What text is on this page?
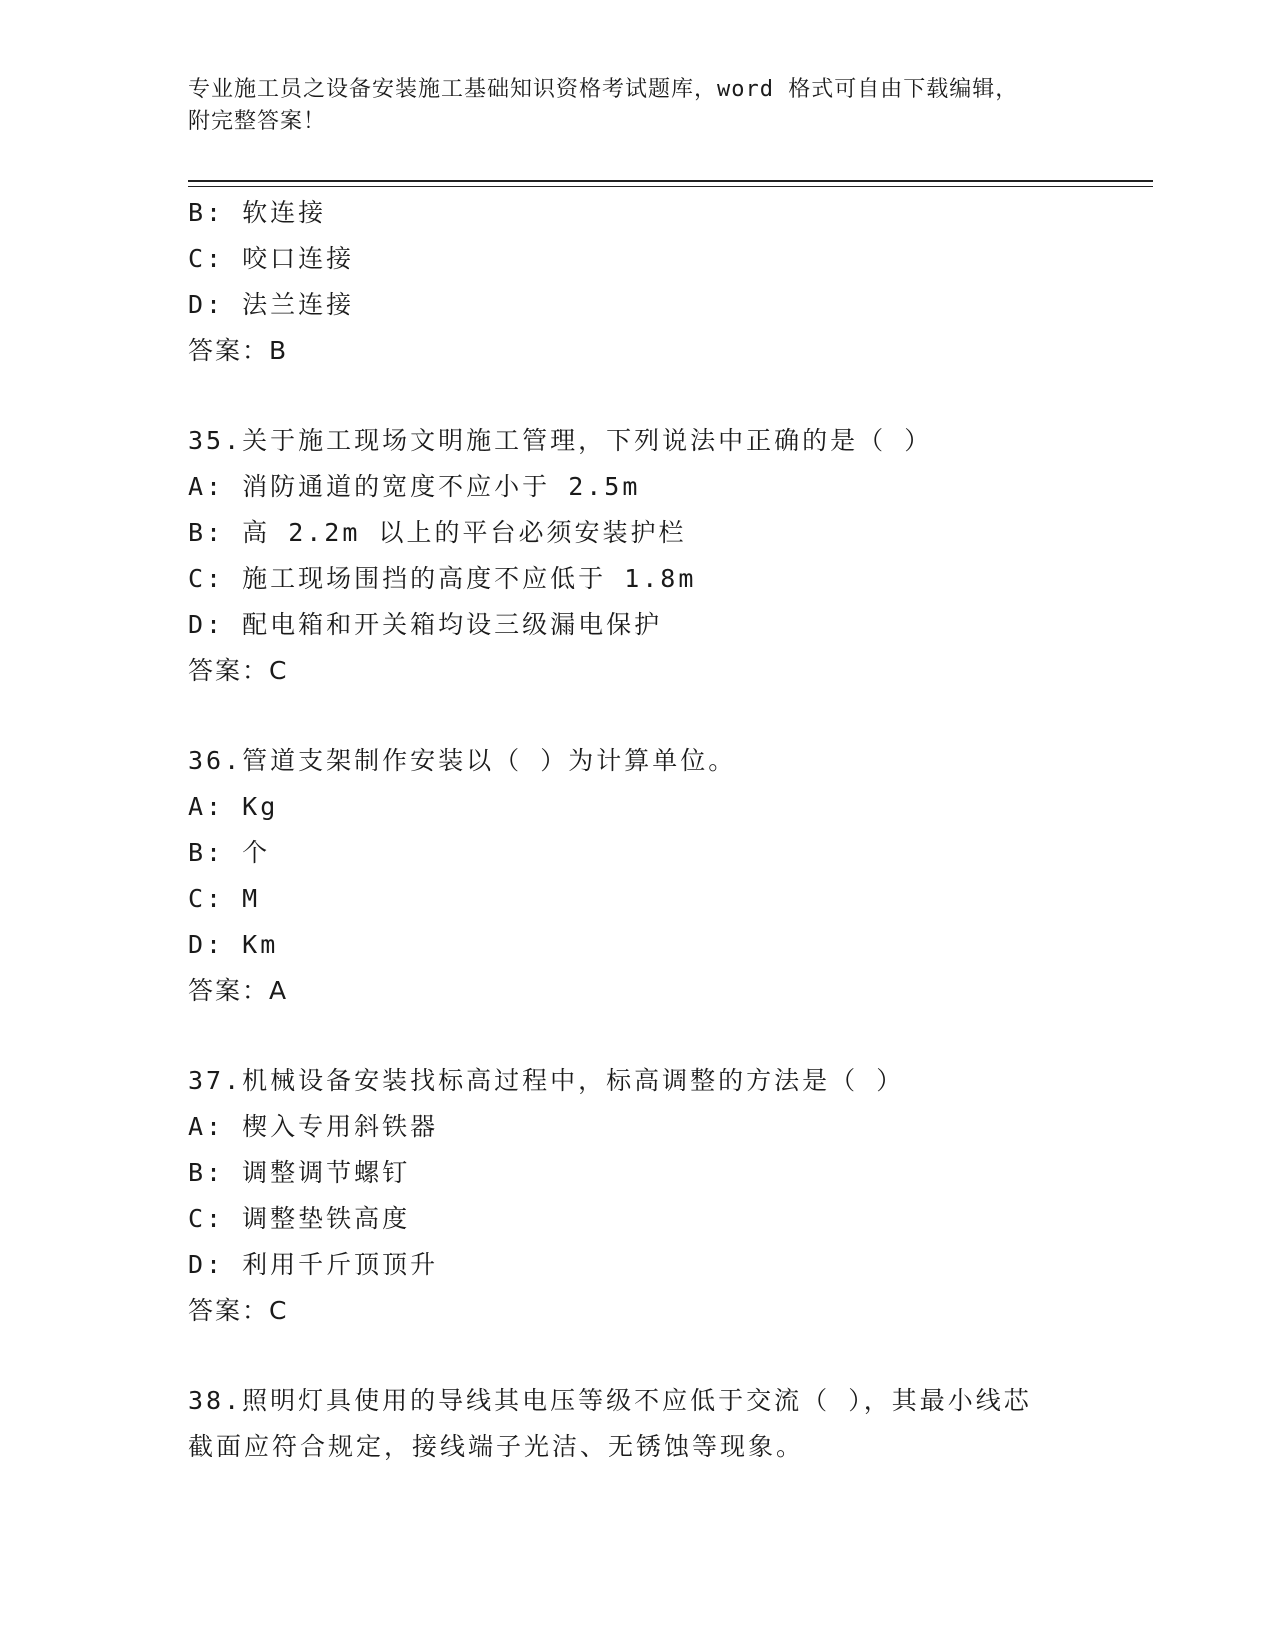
专业施工员之设备安装施工基础知识资格考试题库，word 格式可自由下载编辑，
附完整答案！
B: 软连接
C: 咬口连接
D: 法兰连接
答案：B
35.关于施工现场文明施工管理，下列说法中正确的是（ ）
A: 消防通道的宽度不应小于 2.5m
B: 高 2.2m 以上的平台必须安装护栏
C: 施工现场围挡的高度不应低于 1.8m
D: 配电箱和开关箱均设三级漏电保护
答案：C
36.管道支架制作安装以（ ）为计算单位。
A: Kg
B: 个
C: M
D: Km
答案：A
37.机械设备安装找标高过程中，标高调整的方法是（ ）
A: 楔入专用斜铁器
B: 调整调节螺钉
C: 调整垫铁高度
D: 利用千斤顶顶升
答案：C
38.照明灯具使用的导线其电压等级不应低于交流（ ），其最小线芯
截面应符合规定，接线端子光洁、无锈蚀等现象。
